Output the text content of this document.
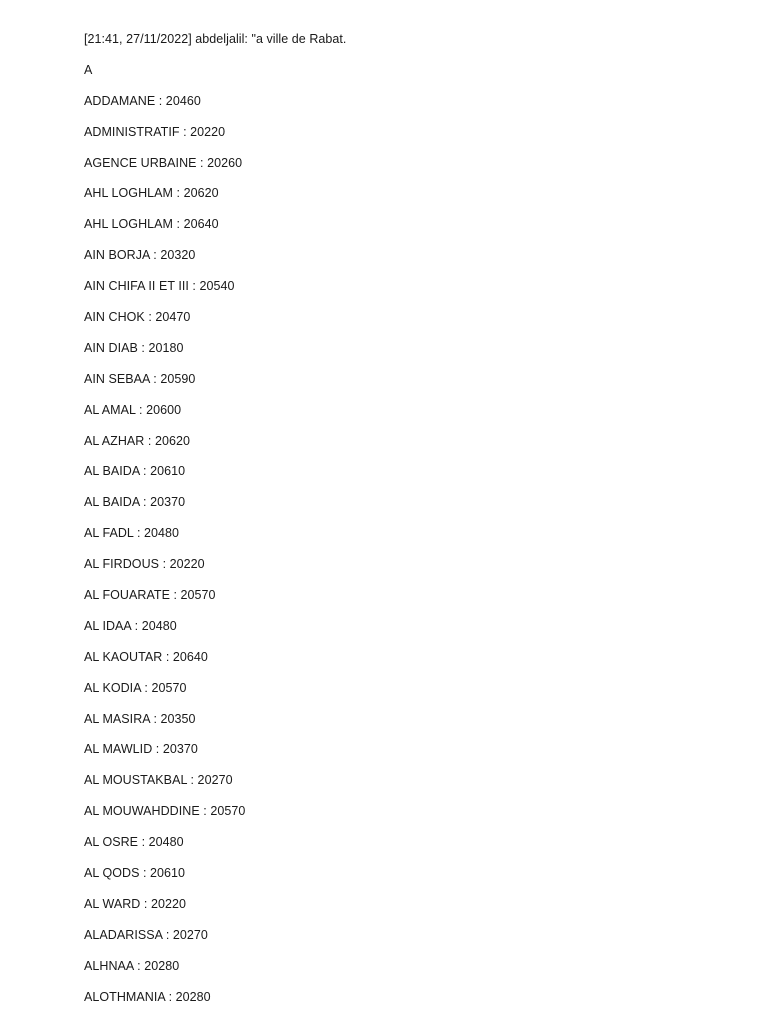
[21:41, 27/11/2022] abdeljalil: "a ville de Rabat.
A
ADDAMANE : 20460
ADMINISTRATIF : 20220
AGENCE URBAINE : 20260
AHL LOGHLAM : 20620
AHL LOGHLAM : 20640
AIN BORJA : 20320
AIN CHIFA II ET III : 20540
AIN CHOK : 20470
AIN DIAB : 20180
AIN SEBAA : 20590
AL AMAL : 20600
AL AZHAR : 20620
AL BAIDA : 20610
AL BAIDA : 20370
AL FADL : 20480
AL FIRDOUS : 20220
AL FOUARATE : 20570
AL IDAA : 20480
AL KAOUTAR : 20640
AL KODIA : 20570
AL MASIRA : 20350
AL MAWLID : 20370
AL MOUSTAKBAL : 20270
AL MOUWAHDDINE : 20570
AL OSRE : 20480
AL QODS : 20610
AL WARD : 20220
ALADARISSA : 20270
ALHNAA : 20280
ALOTHMANIA : 20280
